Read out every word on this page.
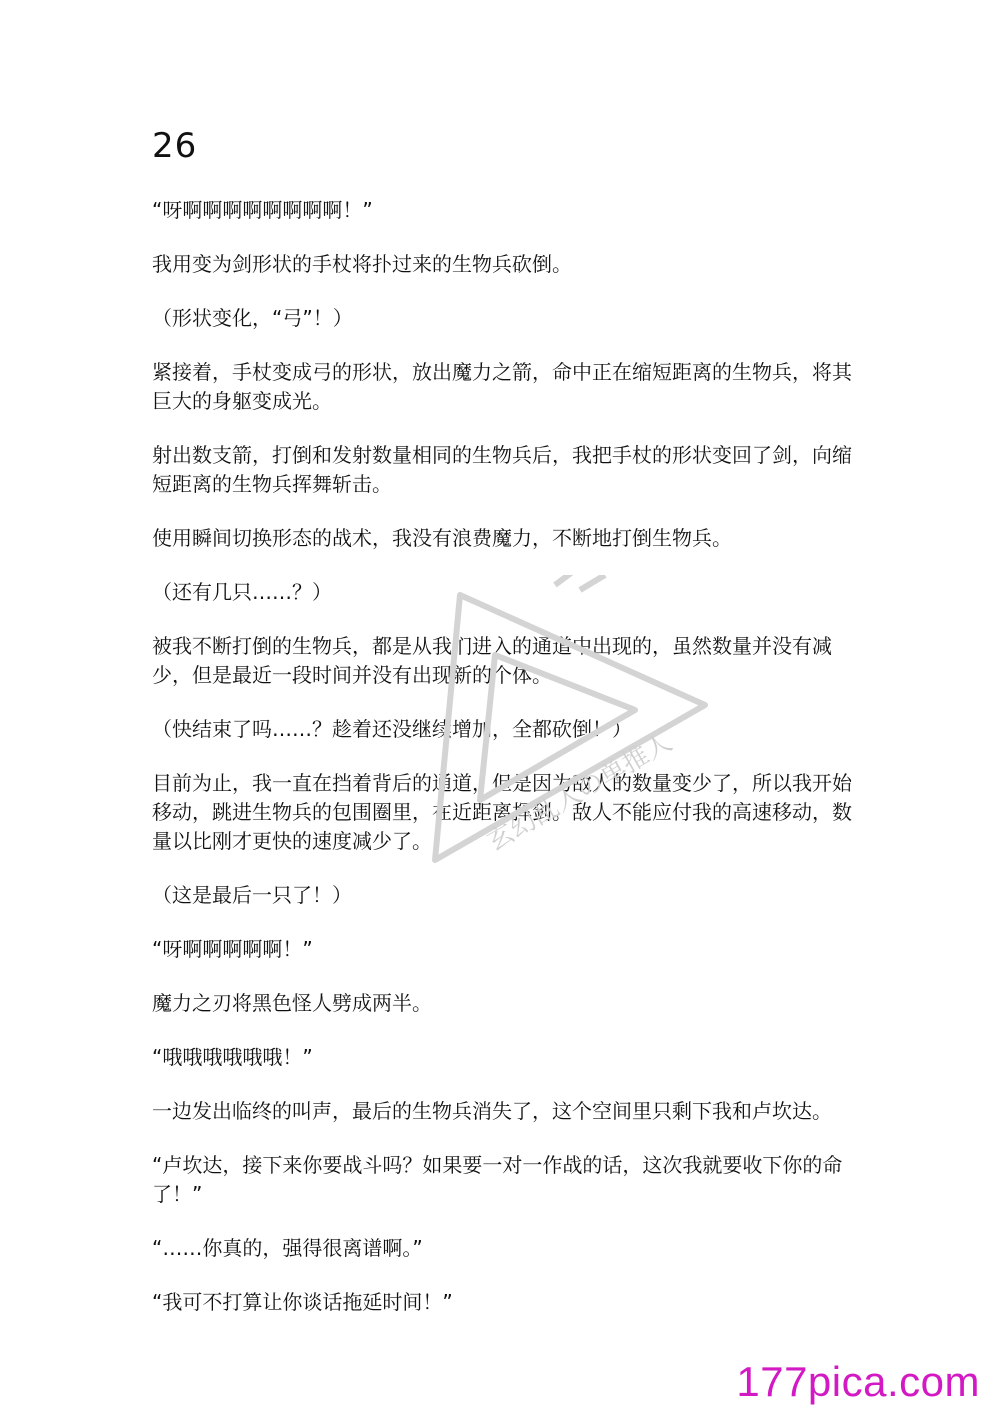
26

“呀啊啊啊啊啊啊啊啊！”

我用变为剑形状的手杖将扑过来的生物兵砍倒。

（形状变化，“弓”！）

紧接着，手杖变成弓的形状，放出魔力之箭，命中正在缩短距离的生物兵，将其巨大的身躯变成光。

射出数支箭，打倒和发射数量相同的生物兵后，我把手杖的形状变回了剑，向缩短距离的生物兵挥舞斩击。

使用瞬间切换形态的战术，我没有浪费魔力，不断地打倒生物兵。

（还有几只……？）

被我不断打倒的生物兵，都是从我们进入的通道中出现的，虽然数量并没有减少，但是最近一段时间并没有出现新的个体。

（快结束了吗……？趁着还没继续增加，全都砍倒！）

目前为止，我一直在挡着背后的通道，但是因为敌人的数量变少了，所以我开始移动，跳进生物兵的包围圈里，在近距离挥剑。敌人不能应付我的高速移动，数量以比刚才更快的速度减少了。

（这是最后一只了！）

“呀啊啊啊啊啊！”

魔力之刃将黑色怪人劈成两半。

“哦哦哦哦哦哦！”

一边发出临终的叫声，最后的生物兵消失了，这个空间里只剩下我和卢坎达。

“卢坎达，接下来你要战斗吗？如果要一对一作战的话，这次我就要收下你的命了！”

“……你真的，强得很离谱啊。”

“我可不打算让你谈话拖延时间！”

玄幻乱入の单推人
177pica.com
